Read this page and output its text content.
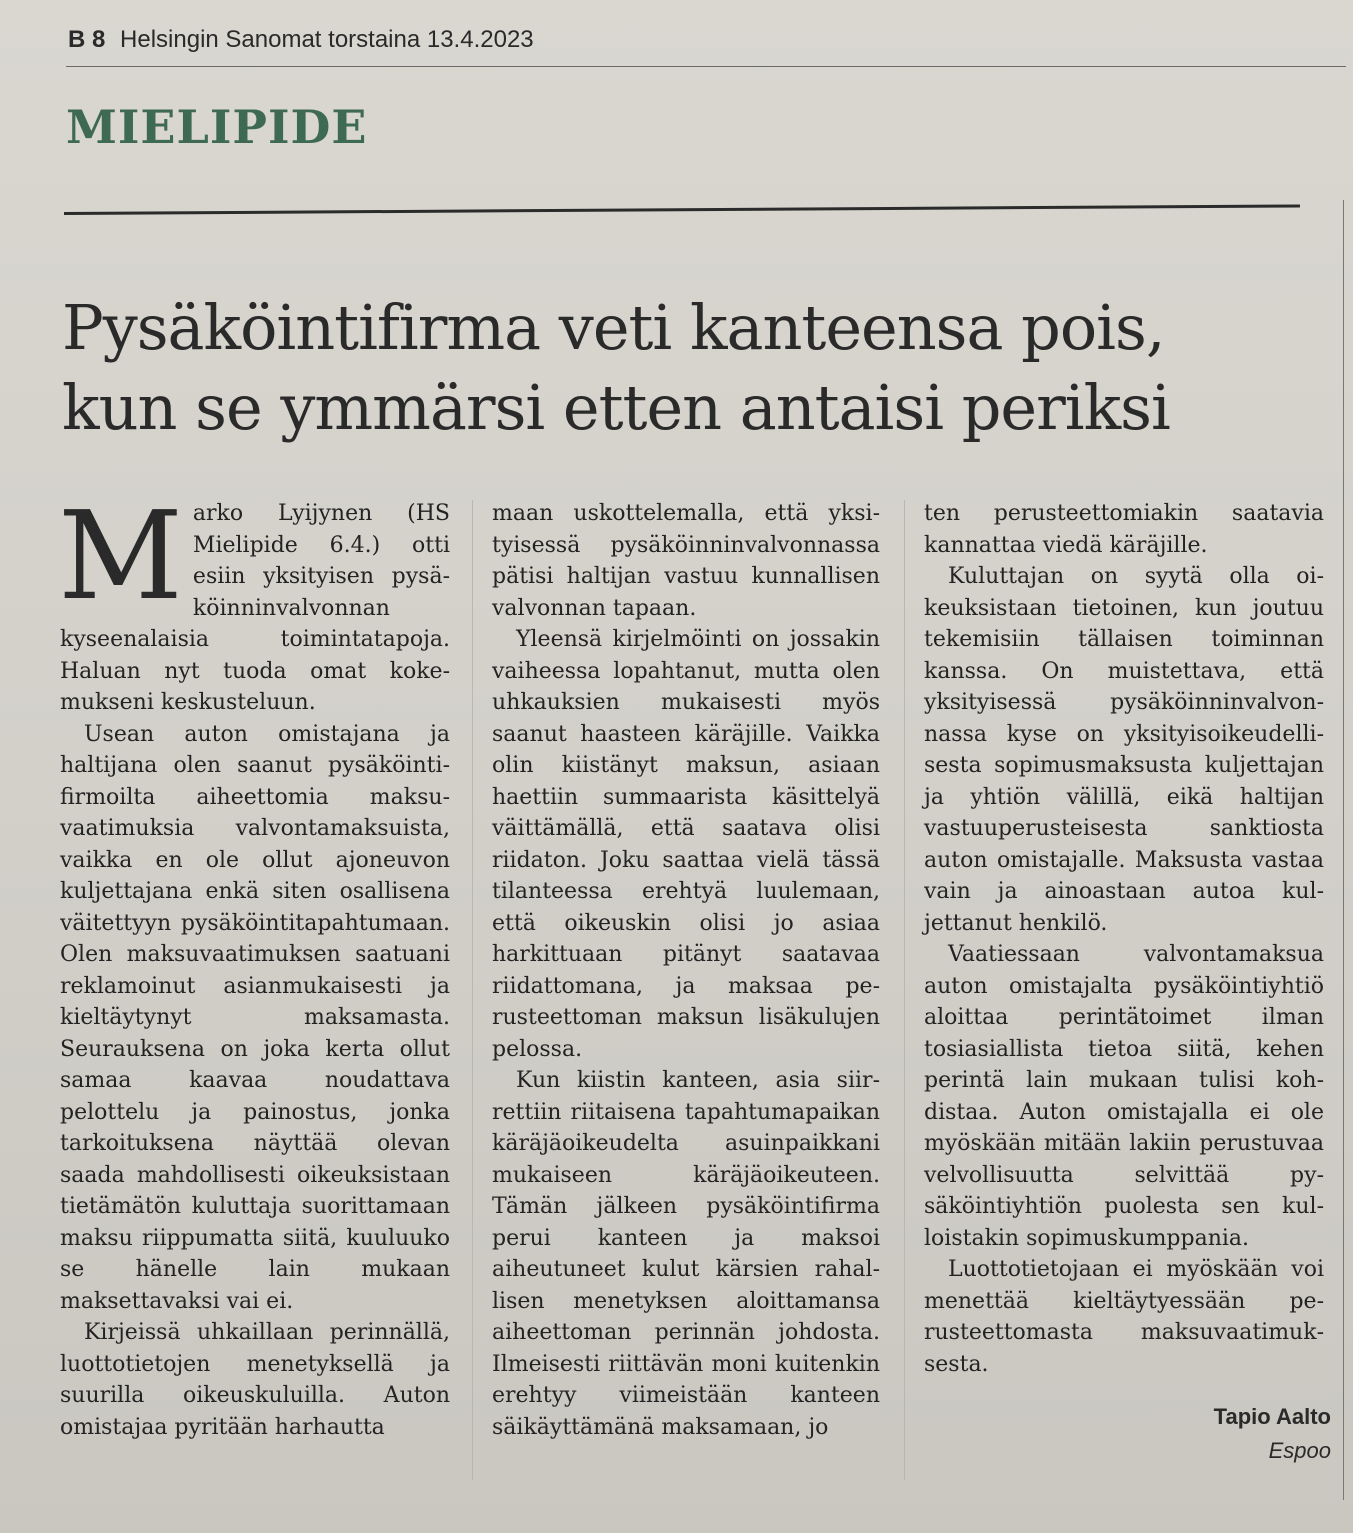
B 8 Helsingin Sanomat torstaina 13.4.2023
MIELIPIDE
Pysäköintifirma veti kanteensa pois,
kun se ymmärsi etten antaisi periksi

Marko Lyijynen (HS Mielipide 6.4.) otti esiin yksityisen pysäköinninvalvonnan kyseenalaisia toimintatapoja. Haluan nyt tuoda omat kokemukseni keskusteluun.

Usean auton omistajana ja haltijana olen saanut pysäköintifirmoilta aiheettomia maksuvaatimuksia valvontamaksuista, vaikka en ole ollut ajoneuvon kuljettajana enkä siten osallisena väitettyyn pysäköintitapahtumaan. Olen maksuvaatimuksen saatuani reklamoinut asianmukaisesti ja kieltäytynyt maksamasta. Seurauksena on joka kerta ollut samaa kaavaa noudattava pelottelu ja painostus, jonka tarkoituksena näyttää olevan saada mahdollisesti oikeuksistaan tietämätön kuluttaja suorittamaan maksu riippumatta siitä, kuuluuko se hänelle lain mukaan maksettavaksi vai ei.

Kirjeissä uhkaillaan perinnällä, luottotietojen menetyksellä ja suurilla oikeuskuluilla. Auton omistajaa pyritään harhautta

maan uskottelemalla, että yksityisessä pysäköinninvalvonnassa pätisi haltijan vastuu kunnallisen valvonnan tapaan.

Yleensä kirjelmöinti on jossakin vaiheessa lopahtanut, mutta olen uhkauksien mukaisesti myös saanut haasteen käräjille. Vaikka olin kiistänyt maksun, asiaan haettiin summaarista käsittelyä väittämällä, että saatava olisi riidaton. Joku saattaa vielä tässä tilanteessa erehtyä luulemaan, että oikeuskin olisi jo asiaa harkittuaan pitänyt saatavaa riidattomana, ja maksaa perusteettoman maksun lisäkulujen pelossa.

Kun kiistin kanteen, asia siirrettiin riitaisena tapahtumapaikan käräjäoikeudelta asuinpaikkani mukaiseen käräjäoikeuteen. Tämän jälkeen pysäköintifirma perui kanteen ja maksoi aiheutuneet kulut kärsien rahallisen menetyksen aloittamansa aiheettoman perinnän johdosta. Ilmeisesti riittävän moni kuitenkin erehtyy viimeistään kanteen säikäyttämänä maksamaan, jo

ten perusteettomiakin saatavia kannattaa viedä käräjille.

Kuluttajan on syytä olla oikeuksistaan tietoinen, kun joutuu tekemisiin tällaisen toiminnan kanssa. On muistettava, että yksityisessä pysäköinninvalvonnassa kyse on yksityisoikeudellisesta sopimusmaksusta kuljettajan ja yhtiön välillä, eikä haltijan vastuuperusteisesta sanktiosta auton omistajalle. Maksusta vastaa vain ja ainoastaan autoa kuljettanut henkilö.

Vaatiessaan valvontamaksua auton omistajalta pysäköintiyhtiö aloittaa perintätoimet ilman tosiasiallista tietoa siitä, kehen perintä lain mukaan tulisi kohdistaa. Auton omistajalla ei ole myöskään mitään lakiin perustuvaa velvollisuutta selvittää pysäköintiyhtiön puolesta sen kulloistakin sopimuskumppania.

Luottotietojaan ei myöskään voi menettää kieltäytyessään perusteettomasta maksuvaatimuksesta.

Tapio Aalto
Espoo
